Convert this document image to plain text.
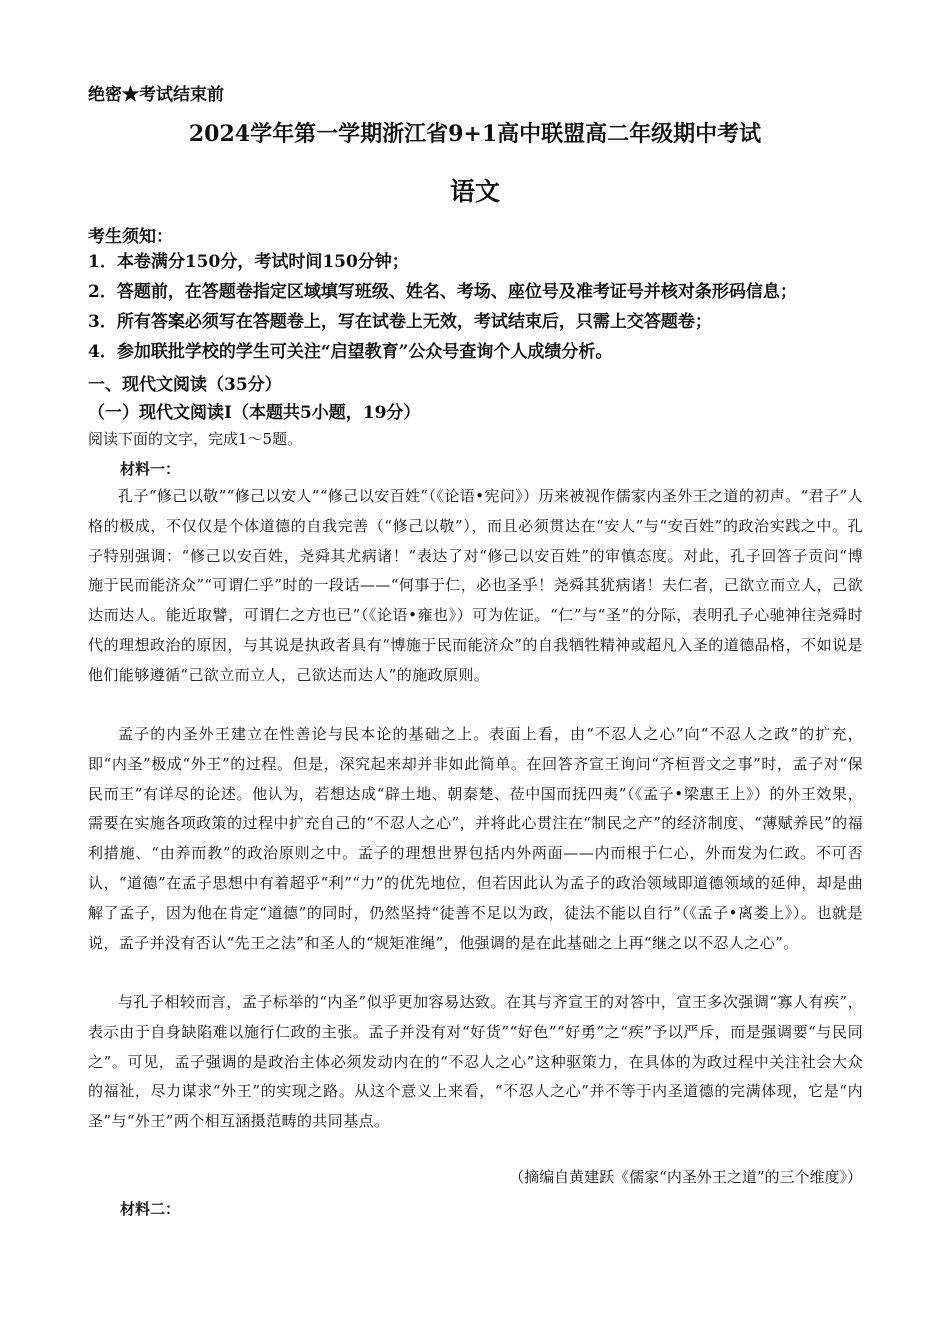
绝密★考试结束前
2024学年第一学期浙江省9+1高中联盟高二年级期中考试
语文
考生须知：
1．本卷满分150分，考试时间150分钟；
2．答题前，在答题卷指定区域填写班级、姓名、考场、座位号及准考证号并核对条形码信息；
3．所有答案必须写在答题卷上，写在试卷上无效，考试结束后，只需上交答题卷；
4．参加联批学校的学生可关注“启望教育”公众号查询个人成绩分析。
一、现代文阅读（35分）
（一）现代文阅读Ⅰ（本题共5小题，19分）
阅读下面的文字，完成1～5题。
材料一：
孔子“修己以敬”“修己以安人”“修己以安百姓”（《论语•宪问》）历来被视作儒家内圣外王之道的初声。“君子”人格的极成，不仅仅是个体道德的自我完善（“修己以敬”），而且必须贯达在“安人”与“安百姓”的政治实践之中。孔子特别强调：“修己以安百姓，尧舜其尤病诸！”表达了对“修己以安百姓”的审慎态度。对此，孔子回答子贡问“博施于民而能济众”“可谓仁乎”时的一段话——“何事于仁，必也圣乎！尧舜其犹病诸！夫仁者，己欲立而立人，己欲达而达人。能近取譬，可谓仁之方也已”（《论语•雍也》）可为佐证。“仁”与“圣”的分际，表明孔子心驰神往尧舜时代的理想政治的原因，与其说是执政者具有“博施于民而能济众”的自我牺牲精神或超凡入圣的道德品格，不如说是他们能够遵循“己欲立而立人，己欲达而达人”的施政原则。
孟子的内圣外王建立在性善论与民本论的基础之上。表面上看，由“不忍人之心”向“不忍人之政”的扩充，即“内圣”极成“外王”的过程。但是，深究起来却并非如此简单。在回答齐宣王询问“齐桓晋文之事”时，孟子对“保民而王”有详尽的论述。他认为，若想达成“辟土地、朝秦楚、莅中国而抚四夷”（《孟子•梁惠王上》）的外王效果，需要在实施各项政策的过程中扩充自己的“不忍人之心”，并将此心贯注在“制民之产”的经济制度、“薄赋养民”的福利措施、“由养而教”的政治原则之中。孟子的理想世界包括内外两面——内而根于仁心，外而发为仁政。不可否认，“道德”在孟子思想中有着超乎“利”“力”的优先地位，但若因此认为孟子的政治领域即道德领域的延伸，却是曲解了孟子，因为他在肯定“道德”的同时，仍然坚持“徒善不足以为政，徒法不能以自行”（《孟子•离娄上》）。也就是说，孟子并没有否认“先王之法”和圣人的“规矩准绳”，他强调的是在此基础之上再“继之以不忍人之心”。
与孔子相较而言，孟子标举的“内圣”似乎更加容易达致。在其与齐宣王的对答中，宣王多次强调“寡人有疾”，表示由于自身缺陷难以施行仁政的主张。孟子并没有对“好货”“好色”“好勇”之“疾”予以严斥，而是强调要“与民同之”。可见，孟子强调的是政治主体必须发动内在的“不忍人之心”这种驱策力，在具体的为政过程中关注社会大众的福祉，尽力谋求“外王”的实现之路。从这个意义上来看，“不忍人之心”并不等于内圣道德的完满体现，它是“内圣”与“外王”两个相互涵摄范畴的共同基点。
（摘编自黄建跃《儒家“内圣外王之道”的三个维度》）
材料二：
